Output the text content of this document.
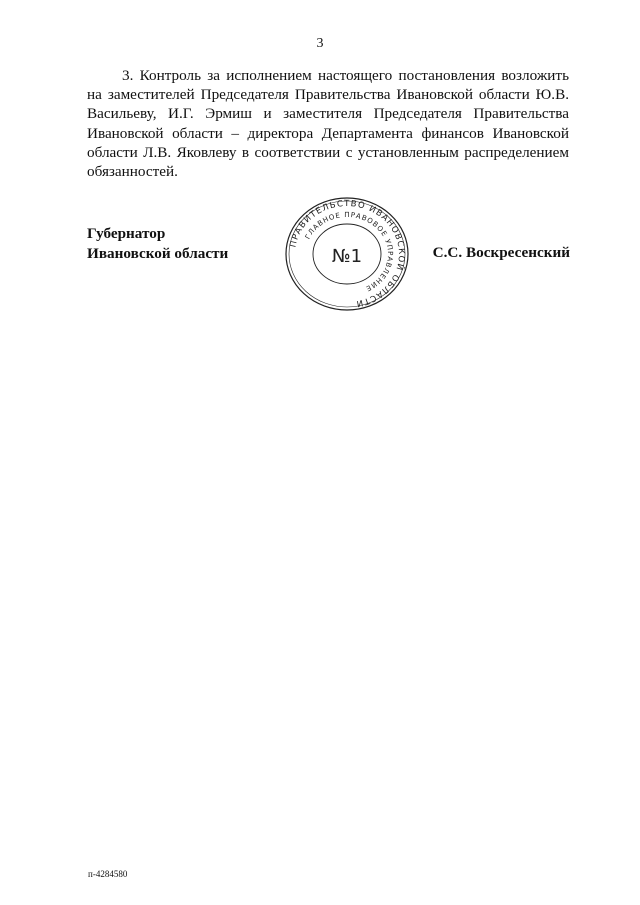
3

3. Контроль за исполнением настоящего постановления возложить на заместителей Председателя Правительства Ивановской области Ю.В. Васильеву, И.Г. Эрмиш и заместителя Председателя Правительства Ивановской области – директора Департамента финансов Ивановской области Л.В. Яковлеву в соответствии с установленным распределением обязанностей.

Губернатор
Ивановской области	С.С. Воскресенский
ПРАВИТЕЛЬСТВО ИВАНОВСКОЙ ОБЛАСТИ
ГЛАВНОЕ ПРАВОВОЕ УПРАВЛЕНИЕ
№1
п-4284580
